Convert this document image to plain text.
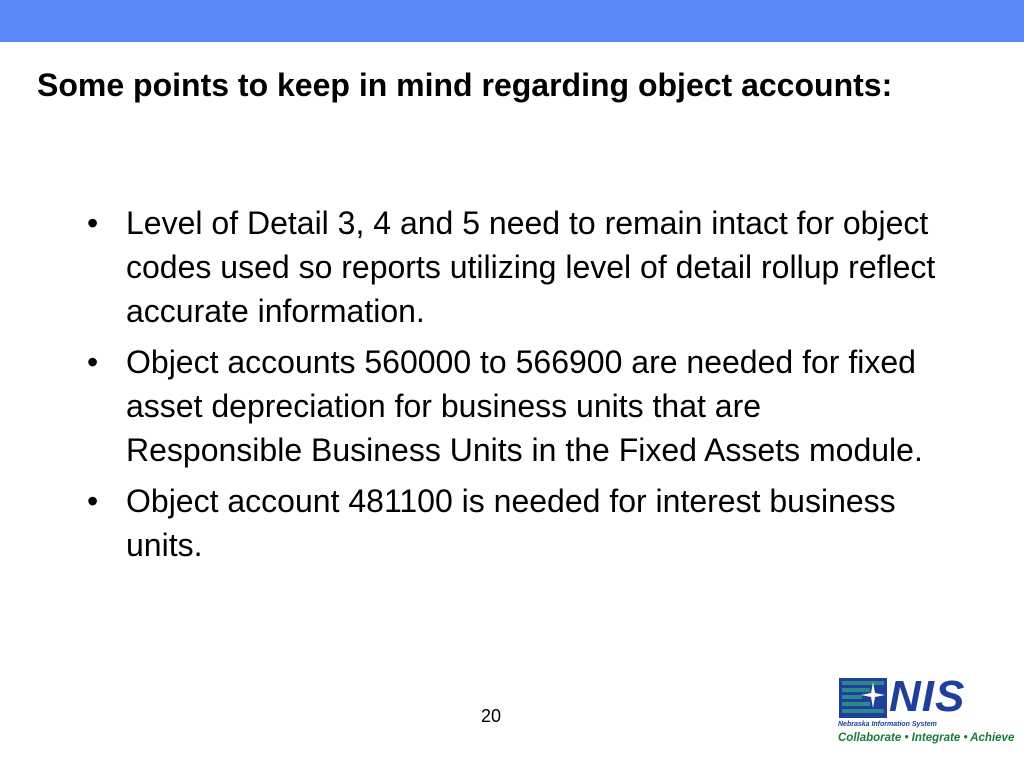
Some points to keep in mind regarding object accounts:
• Level of Detail 3, 4 and 5 need to remain intact for object codes used so reports utilizing level of detail rollup reflect accurate information.
• Object accounts 560000 to 566900 are needed for fixed asset depreciation for business units that are Responsible Business Units in the Fixed Assets module.
• Object account 481100 is needed for interest business units.
20	NIS
Nebraska Information System
Collaborate • Integrate • Achieve
